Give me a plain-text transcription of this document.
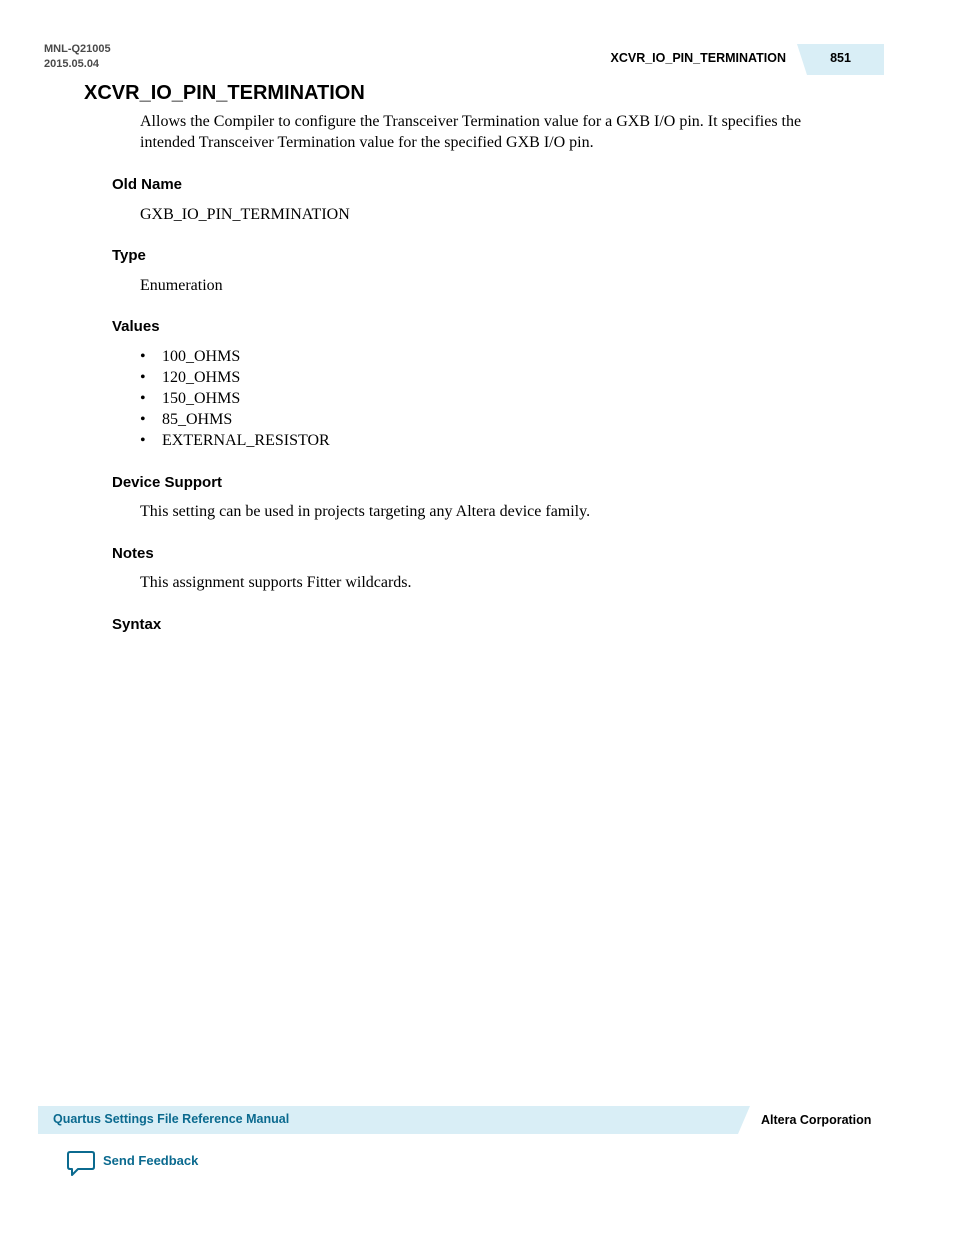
MNL-Q21005
2015.05.04	XCVR_IO_PIN_TERMINATION	851
XCVR_IO_PIN_TERMINATION
Allows the Compiler to configure the Transceiver Termination value for a GXB I/O pin. It specifies the
intended Transceiver Termination value for the specified GXB I/O pin.
Old Name
GXB_IO_PIN_TERMINATION
Type
Enumeration
Values
• 100_OHMS
• 120_OHMS
• 150_OHMS
• 85_OHMS
• EXTERNAL_RESISTOR
Device Support
This setting can be used in projects targeting any Altera device family.
Notes
This assignment supports Fitter wildcards.
Syntax
Quartus Settings File Reference Manual	Altera Corporation
Send Feedback
